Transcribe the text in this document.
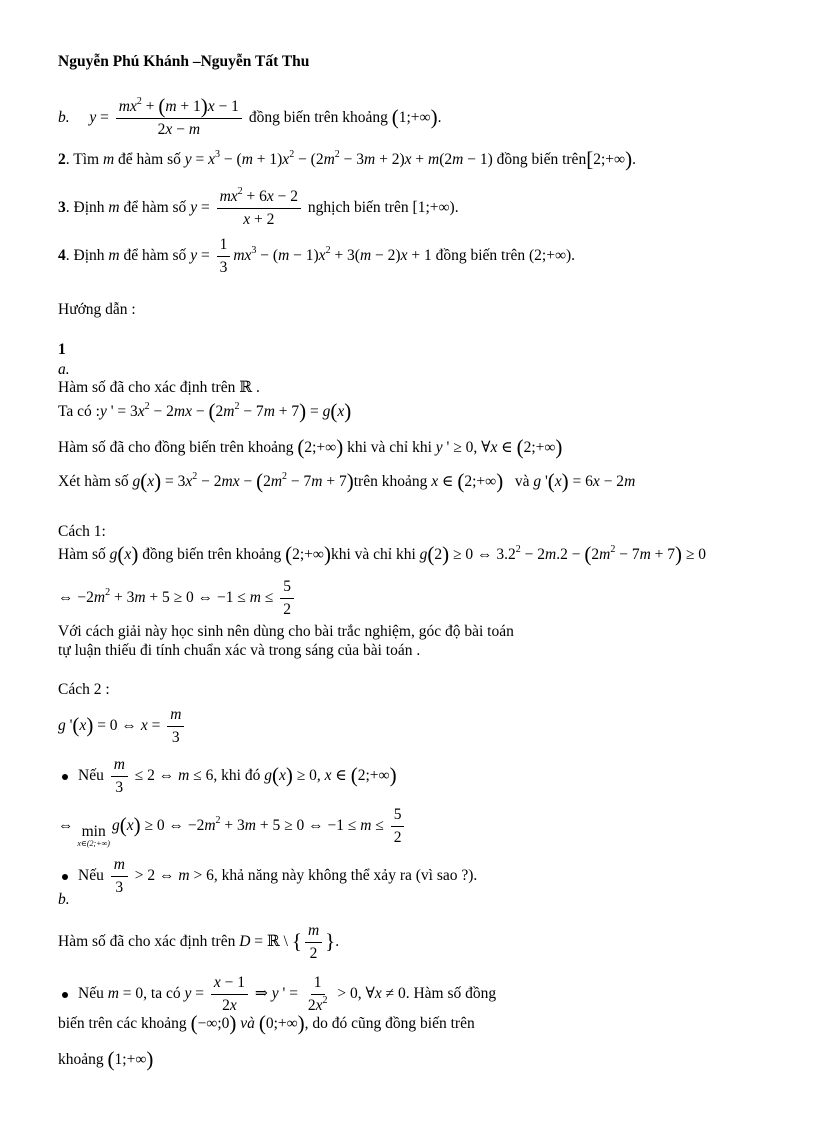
Nguyễn Phú Khánh –Nguyễn Tất Thu
b. $y = \frac{mx^2 + (m + 1)x - 1}{2x - m}$ đồng biến trên khoảng (1;+∞).
2. Tìm m để hàm số $y = x^3 - (m + 1)x^2 - (2m^2 - 3m + 2)x + m(2m - 1)$ đồng biến trên[2;+∞).
3. Định m để hàm số $y = \frac{mx^2 + 6x - 2}{x + 2}$ nghịch biến trên [1;+∞).
4. Định m để hàm số $y = \frac{1}{3} mx^3 - (m - 1)x^2 + 3(m - 2)x + 1$ đồng biến trên (2;+∞).
Hướng dẫn :
1
a.
Hàm số đã cho xác định trên ℝ .
Ta có :y ' = $3x^2 - 2mx - (2m^2 - 7m + 7) = g(x)$
Hàm số đã cho đồng biến trên khoảng (2;+∞) khi và chỉ khi y ' ≥ 0, ∀x ∈ (2;+∞)
Xét hàm số $g(x) = 3x^2 - 2mx - (2m^2 - 7m$ + 7)trên khoảng x ∈ (2;+∞) và g '(x) = 6x − 2m
Cách 1:
Hàm số g(x) đồng biến trên khoảng (2;+∞)khi và chỉ khi g(2) ≥ 0 ⇔ $3.2^2 - 2m.2 - (2m^2 - 7m + 7) \ge 0$
⇔ $-2m^2 + 3m + 5 \ge 0$ ⇔ $-1 \le m \le \frac{5}{2}$
Với cách giải này học sinh nên dùng cho bài trắc nghiệm, góc độ bài toán
tự luận thiếu đi tính chuẩn xác và trong sáng của bài toán .
Cách 2 :
g '(x) = 0 ⇔ $x = \frac{m}{3}$
Nếu $\frac{m}{3} \le 2$ ⇔ m ≤ 6, khi đó g(x) ≥ 0, x ∈ (2;+∞)
⇔ min
x∈(2;+∞)
g(x) ≥ 0 ⇔ $-2m^2 + 3m + 5 \ge 0$ ⇔ $-1 \le m \le \frac{5}{2}$
Nếu $\frac{m}{3} > 2$ ⇔ m > 6, khả năng này không thể xảy ra (vì sao ?).
b.
Hàm số đã cho xác định trên D = ℝ \ { $\frac{m}{2}$ }.
Nếu m = 0, ta có $y = \frac{x - 1}{2x}$ ⇒ y ' = $\frac{1}{2x^2} > 0$, ∀x ≠ 0. Hàm số đồng
biến trên các khoảng (−∞;0) và (0;+∞), do đó cũng đồng biến trên
khoảng (1;+∞)
